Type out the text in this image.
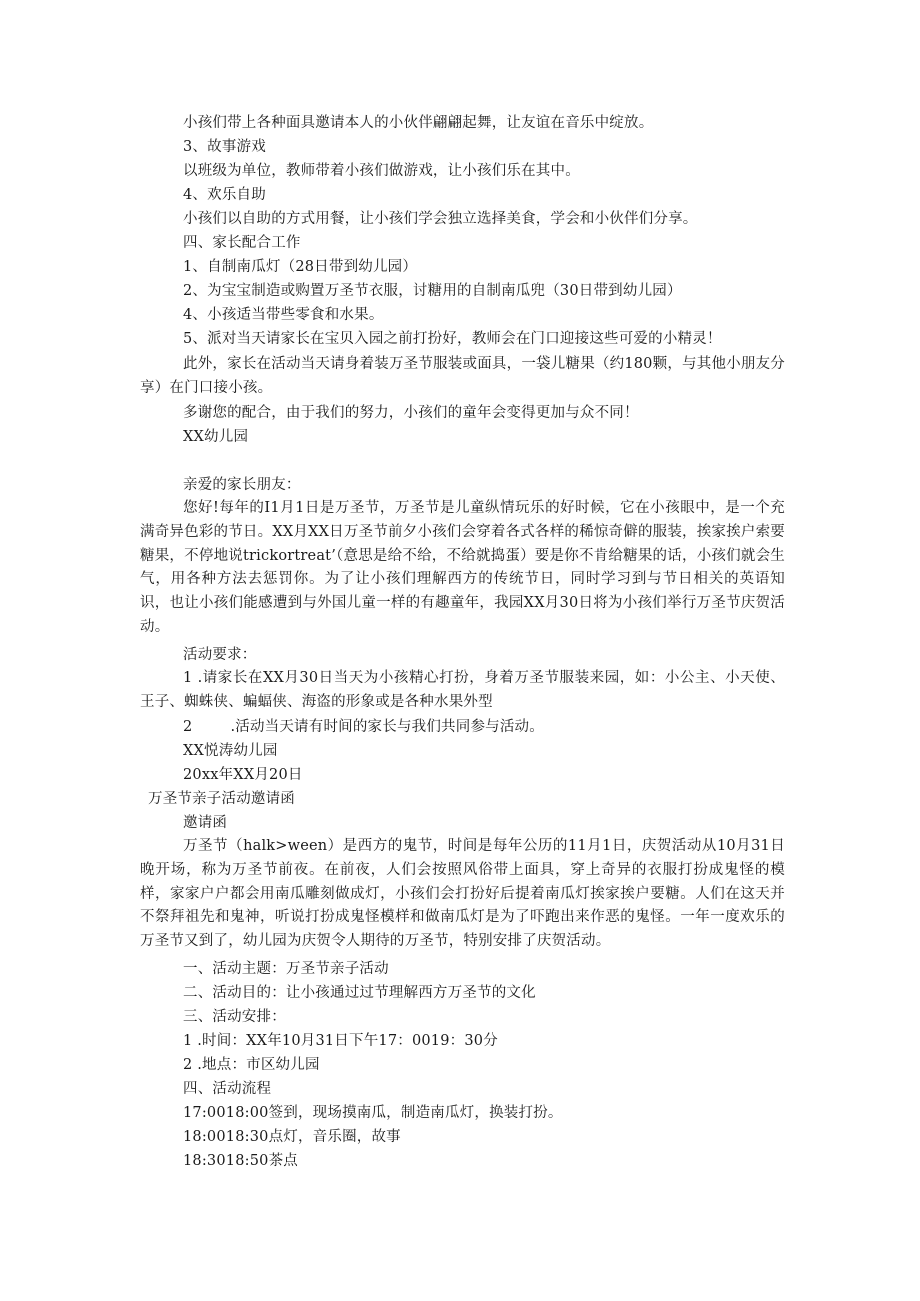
小孩们带上各种面具邀请本人的小伙伴翩翩起舞，让友谊在音乐中绽放。
3、故事游戏
以班级为单位，教师带着小孩们做游戏，让小孩们乐在其中。
4、欢乐自助
小孩们以自助的方式用餐，让小孩们学会独立选择美食，学会和小伙伴们分享。
四、家长配合工作
1、自制南瓜灯（28日带到幼儿园）
2、为宝宝制造或购置万圣节衣服，讨糖用的自制南瓜兜（30日带到幼儿园）
4、小孩适当带些零食和水果。
5、派对当天请家长在宝贝入园之前打扮好，教师会在门口迎接这些可爱的小精灵！
此外，家长在活动当天请身着装万圣节服装或面具，一袋儿糖果（约180颗，与其他小朋友分享）在门口接小孩。
多谢您的配合，由于我们的努力，小孩们的童年会变得更加与众不同！
XX幼儿园
亲爱的家长朋友：
您好!每年的I1月1日是万圣节，万圣节是儿童纵情玩乐的好时候，它在小孩眼中，是一个充满奇异色彩的节日。XX月XX日万圣节前夕小孩们会穿着各式各样的稀惊奇僻的服装，挨家挨户索要糖果，不停地说trickortreat’（意思是给不给，不给就捣蛋）要是你不肯给糖果的话，小孩们就会生气，用各种方法去惩罚你。为了让小孩们理解西方的传统节日，同时学习到与节日相关的英语知识，也让小孩们能感遭到与外国儿童一样的有趣童年，我园XX月30日将为小孩们举行万圣节庆贺活动。
活动要求：
1 .请家长在XX月30日当天为小孩精心打扮，身着万圣节服装来园，如：小公主、小天使、王子、蜘蛛侠、蝙蝠侠、海盗的形象或是各种水果外型
2	.活动当天请有时间的家长与我们共同参与活动。
XX悦涛幼儿园
20xx年XX月20日
万圣节亲子活动邀请函
邀请函
万圣节（halk>ween）是西方的鬼节，时间是每年公历的11月1日，庆贺活动从10月31日晚开场，称为万圣节前夜。在前夜，人们会按照风俗带上面具，穿上奇异的衣服打扮成鬼怪的模样，家家户户都会用南瓜雕刻做成灯，小孩们会打扮好后提着南瓜灯挨家挨户要糖。人们在这天并不祭拜祖先和鬼神，听说打扮成鬼怪模样和做南瓜灯是为了吓跑出来作恶的鬼怪。一年一度欢乐的万圣节又到了，幼儿园为庆贺令人期待的万圣节，特别安排了庆贺活动。
一、活动主题：万圣节亲子活动
二、活动目的：让小孩通过过节理解西方万圣节的文化
三、活动安排：
1 .时间：XX年10月31日下午17：0019：30分
2 .地点：市区幼儿园
四、活动流程
17:0018:00签到，现场摸南瓜，制造南瓜灯，换装打扮。
18:0018:30点灯，音乐圈，故事
18:3018:50茶点
